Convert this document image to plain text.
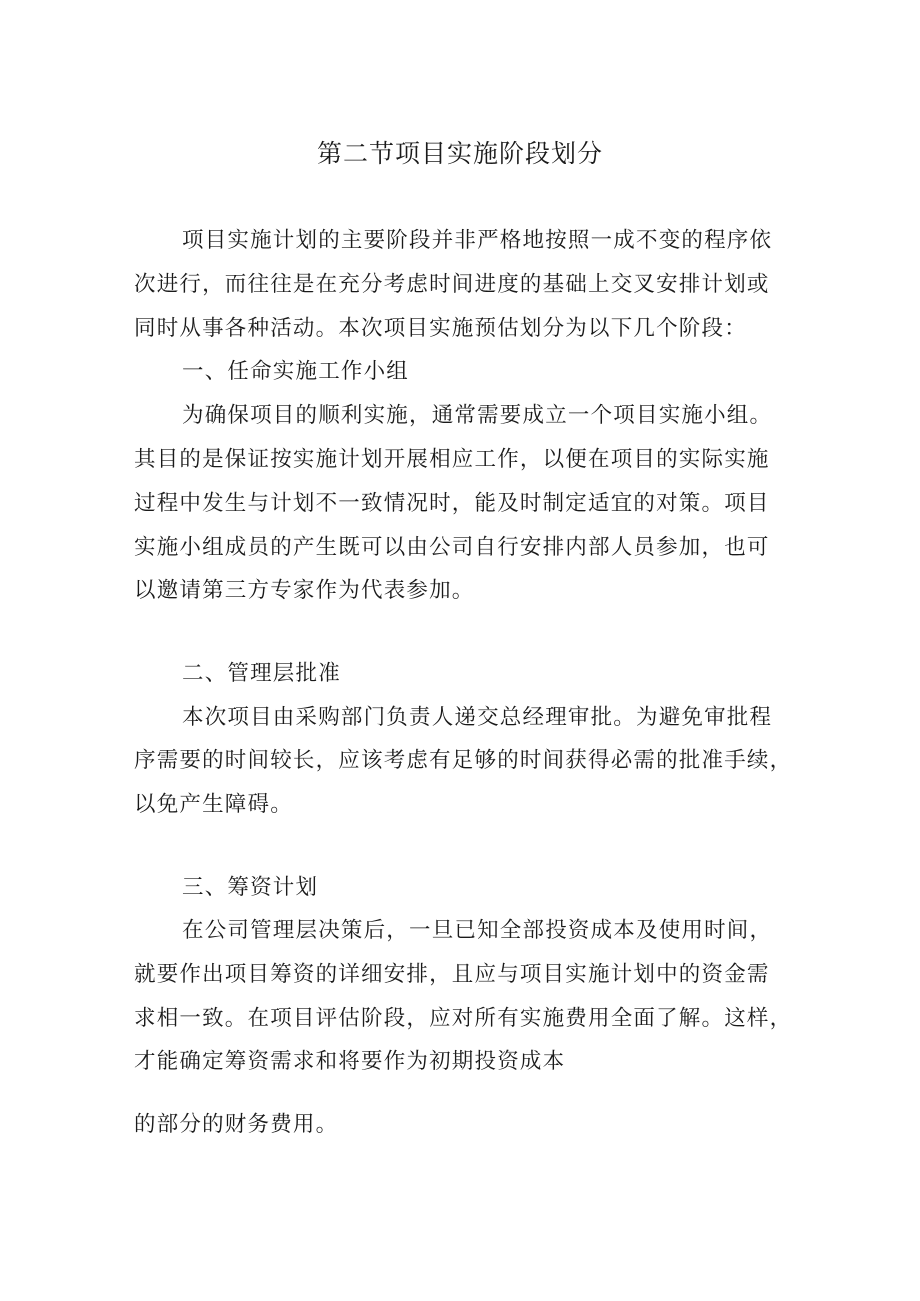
第二节项目实施阶段划分
项目实施计划的主要阶段并非严格地按照一成不变的程序依
次进行，而往往是在充分考虑时间进度的基础上交叉安排计划或
同时从事各种活动。本次项目实施预估划分为以下几个阶段：
一、任命实施工作小组
为确保项目的顺利实施，通常需要成立一个项目实施小组。
其目的是保证按实施计划开展相应工作，以便在项目的实际实施
过程中发生与计划不一致情况时，能及时制定适宜的对策。项目
实施小组成员的产生既可以由公司自行安排内部人员参加，也可
以邀请第三方专家作为代表参加。
二、管理层批准
本次项目由采购部门负责人递交总经理审批。为避免审批程
序需要的时间较长，应该考虑有足够的时间获得必需的批准手续，
以免产生障碍。
三、筹资计划
在公司管理层决策后，一旦已知全部投资成本及使用时间，
就要作出项目筹资的详细安排，且应与项目实施计划中的资金需
求相一致。在项目评估阶段，应对所有实施费用全面了解。这样，
才能确定筹资需求和将要作为初期投资成本
的部分的财务费用。
